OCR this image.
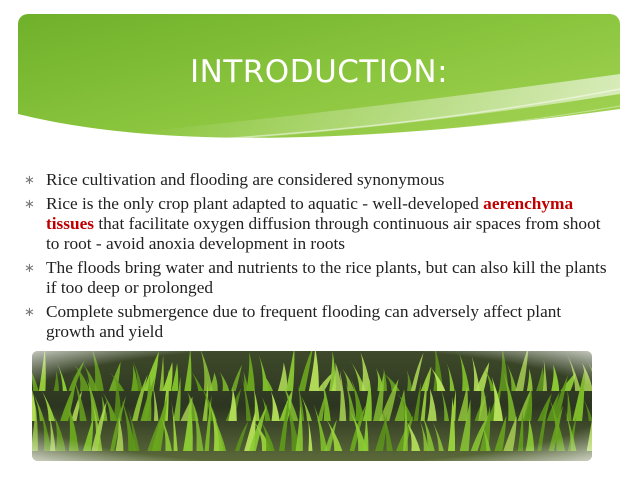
INTRODUCTION:
∗ Rice cultivation and flooding are considered synonymous
∗ Rice is the only crop plant adapted to aquatic - well-developed aerenchyma tissues that facilitate oxygen diffusion through continuous air spaces from shoot to root - avoid anoxia development in roots
∗ The floods bring water and nutrients to the rice plants, but can also kill the plants if too deep or prolonged
∗ Complete submergence due to frequent flooding can adversely affect plant growth and yield
